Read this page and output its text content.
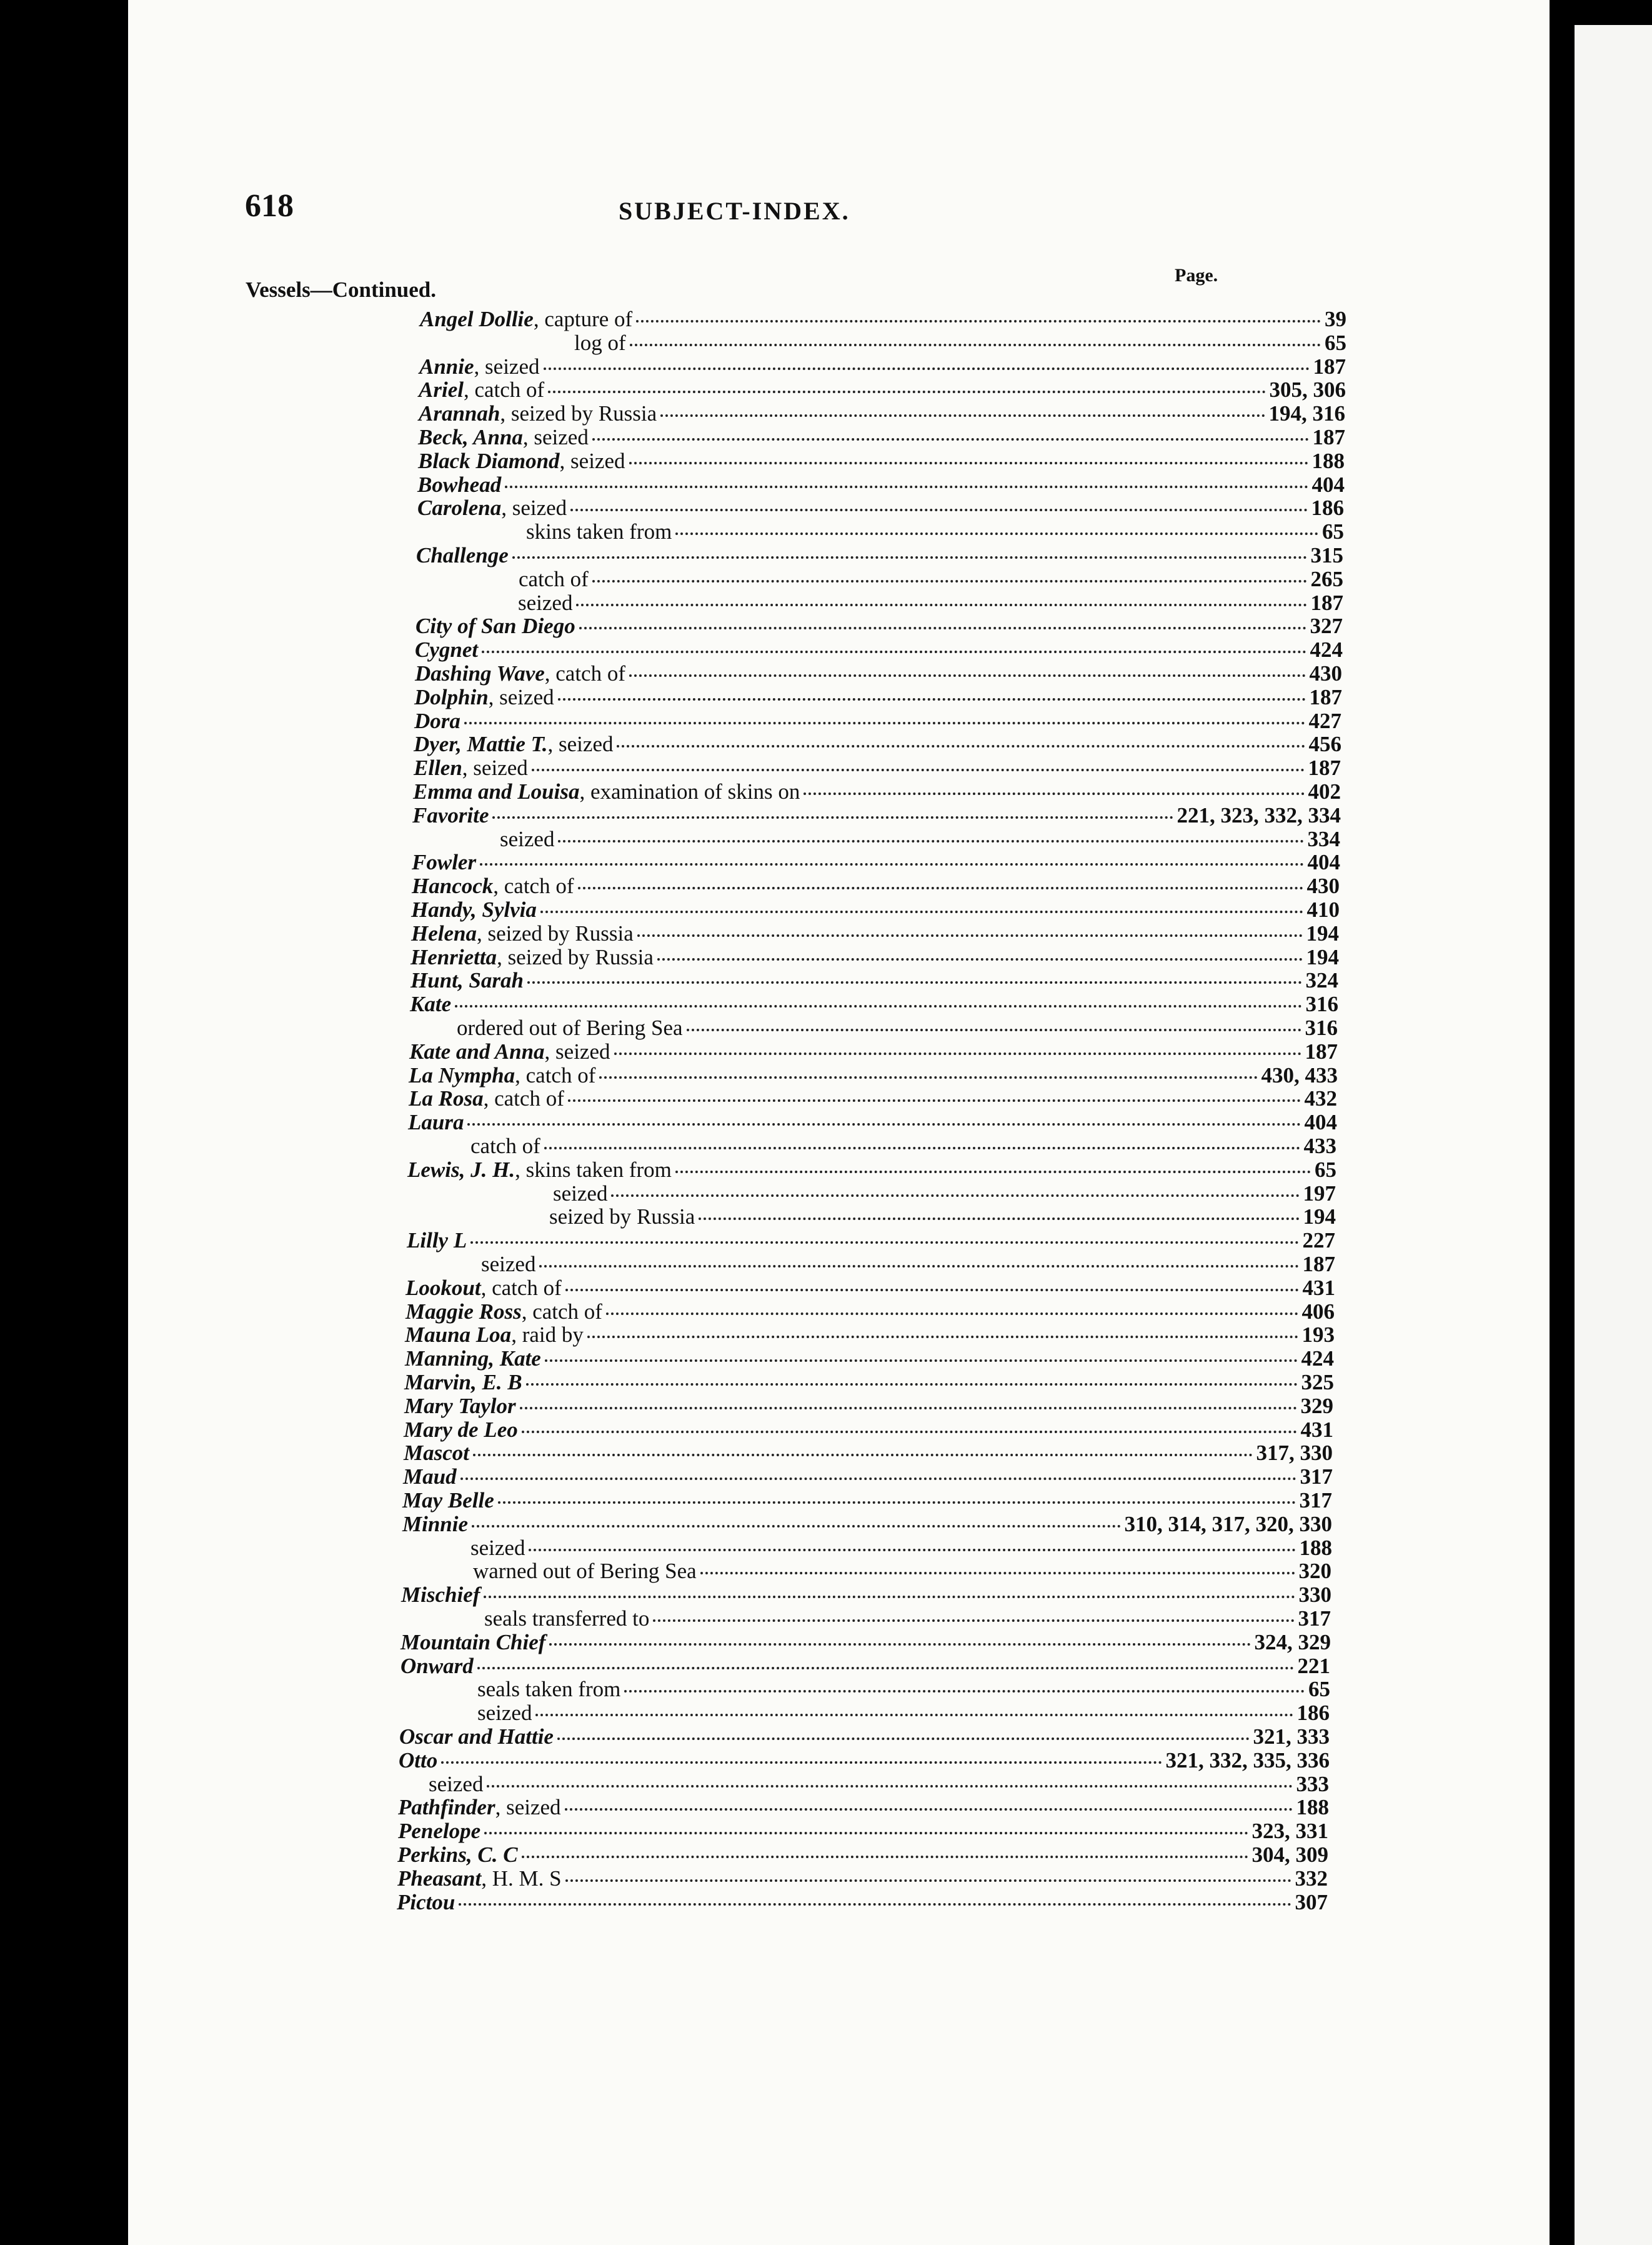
618	SUBJECT-INDEX.
Page.
Vessels—Continued.
Angel Dollie, capture of	39
log of	65
Annie, seized	187
Ariel, catch of	305, 306
Arannah, seized by Russia	194, 316
Beck, Anna, seized	187
Black Diamond, seized	188
Bowhead	404
Carolena, seized	186
skins taken from	65
Challenge	315
catch of	265
seized	187
City of San Diego	327
Cygnet	424
Dashing Wave, catch of	430
Dolphin, seized	187
Dora	427
Dyer, Mattie T., seized	456
Ellen, seized	187
Emma and Louisa, examination of skins on	402
Favorite	221, 323, 332, 334
seized	334
Fowler	404
Hancock, catch of	430
Handy, Sylvia	410
Helena, seized by Russia	194
Henrietta, seized by Russia	194
Hunt, Sarah	324
Kate	316
ordered out of Bering Sea	316
Kate and Anna, seized	187
La Nympha, catch of	430, 433
La Rosa, catch of	432
Laura	404
catch of	433
Lewis, J. H., skins taken from	65
seized	197
seized by Russia	194
Lilly L	227
seized	187
Lookout, catch of	431
Maggie Ross, catch of	406
Mauna Loa, raid by	193
Manning, Kate	424
Marvin, E. B	325
Mary Taylor	329
Mary de Leo	431
Mascot	317, 330
Maud	317
May Belle	317
Minnie	310, 314, 317, 320, 330
seized	188
warned out of Bering Sea	320
Mischief	330
seals transferred to	317
Mountain Chief	324, 329
Onward	221
seals taken from	65
seized	186
Oscar and Hattie	321, 333
Otto	321, 332, 335, 336
seized	333
Pathfinder, seized	188
Penelope	323, 331
Perkins, C. C	304, 309
Pheasant, H. M. S	332
Pictou	307
